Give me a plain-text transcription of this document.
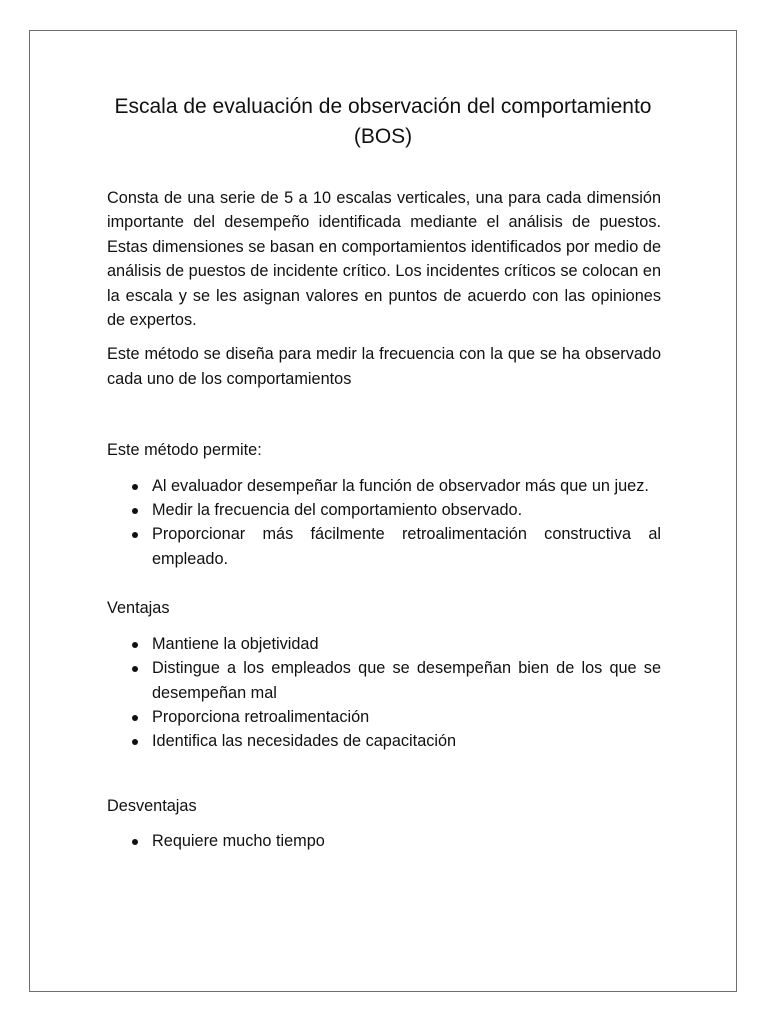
Escala de evaluación de observación del comportamiento (BOS)

Consta de una serie de 5 a 10 escalas verticales, una para cada dimensión importante del desempeño identificada mediante el análisis de puestos. Estas dimensiones se basan en comportamientos identificados por medio de análisis de puestos de incidente crítico. Los incidentes críticos se colocan en la escala y se les asignan valores en puntos de acuerdo con las opiniones de expertos.

Este método se diseña para medir la frecuencia con la que se ha observado cada uno de los comportamientos

Este método permite:

Al evaluador desempeñar la función de observador más que un juez.
Medir la frecuencia del comportamiento observado.
Proporcionar más fácilmente retroalimentación constructiva al empleado.

Ventajas

Mantiene la objetividad
Distingue a los empleados que se desempeñan bien de los que se desempeñan mal
Proporciona retroalimentación
Identifica las necesidades de capacitación

Desventajas

Requiere mucho tiempo
